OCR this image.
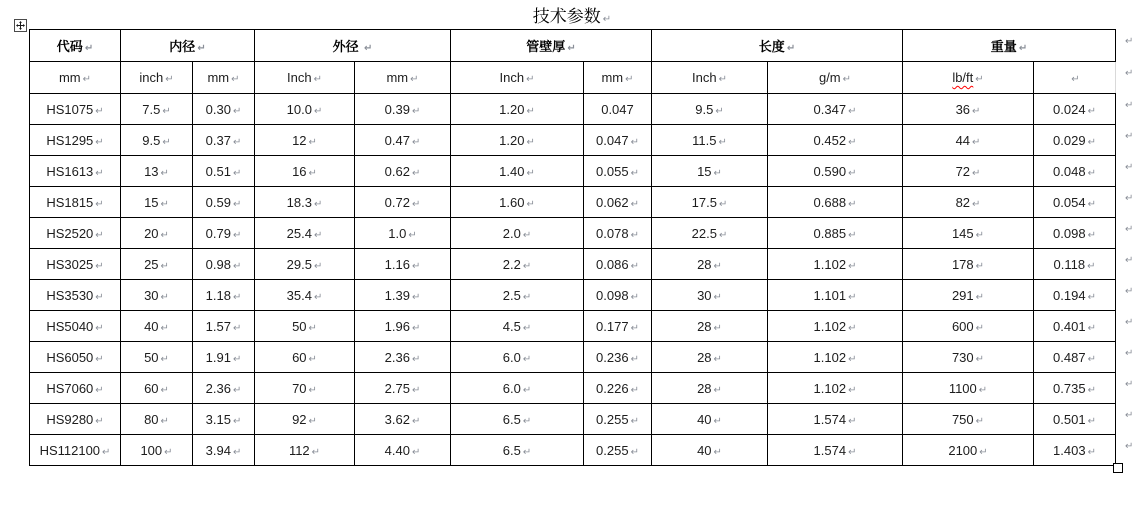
技术参数 ↵
代码 ↵	内径 ↵		外径 ↵		管壁厚 ↵		长度 ↵		重量 ↵	
mm ↵	inch ↵	mm ↵	Inch ↵	mm ↵	Inch ↵	mm ↵	Inch ↵	g/m ↵	lb/ft ↵	↵
HS1075 ↵	7.5 ↵	0.30 ↵	10.0 ↵	0.39 ↵	1.20 ↵	0.047	9.5 ↵	0.347 ↵	36 ↵	0.024 ↵
HS1295 ↵	9.5 ↵	0.37 ↵	12 ↵	0.47 ↵	1.20 ↵	0.047 ↵	11.5 ↵	0.452 ↵	44 ↵	0.029 ↵
HS1613 ↵	13 ↵	0.51 ↵	16 ↵	0.62 ↵	1.40 ↵	0.055 ↵	15 ↵	0.590 ↵	72 ↵	0.048 ↵
HS1815 ↵	15 ↵	0.59 ↵	18.3 ↵	0.72 ↵	1.60 ↵	0.062 ↵	17.5 ↵	0.688 ↵	82 ↵	0.054 ↵
HS2520 ↵	20 ↵	0.79 ↵	25.4 ↵	1.0 ↵	2.0 ↵	0.078 ↵	22.5 ↵	0.885 ↵	145 ↵	0.098 ↵
HS3025 ↵	25 ↵	0.98 ↵	29.5 ↵	1.16 ↵	2.2 ↵	0.086 ↵	28 ↵	1.102 ↵	178 ↵	0.118 ↵
HS3530 ↵	30 ↵	1.18 ↵	35.4 ↵	1.39 ↵	2.5 ↵	0.098 ↵	30 ↵	1.101 ↵	291 ↵	0.194 ↵
HS5040 ↵	40 ↵	1.57 ↵	50 ↵	1.96 ↵	4.5 ↵	0.177 ↵	28 ↵	1.102 ↵	600 ↵	0.401 ↵
HS6050 ↵	50 ↵	1.91 ↵	60 ↵	2.36 ↵	6.0 ↵	0.236 ↵	28 ↵	1.102 ↵	730 ↵	0.487 ↵
HS7060 ↵	60 ↵	2.36 ↵	70 ↵	2.75 ↵	6.0 ↵	0.226 ↵	28 ↵	1.102 ↵	1100 ↵	0.735 ↵
HS9280 ↵	80 ↵	3.15 ↵	92 ↵	3.62 ↵	6.5 ↵	0.255 ↵	40 ↵	1.574 ↵	750 ↵	0.501 ↵
HS112100 ↵	100 ↵	3.94 ↵	112 ↵	4.40 ↵	6.5 ↵	0.255 ↵	40 ↵	1.574 ↵	2100 ↵	1.403 ↵
↵
↵
↵
↵
↵
↵
↵
↵
↵
↵
↵
↵
↵
↵
